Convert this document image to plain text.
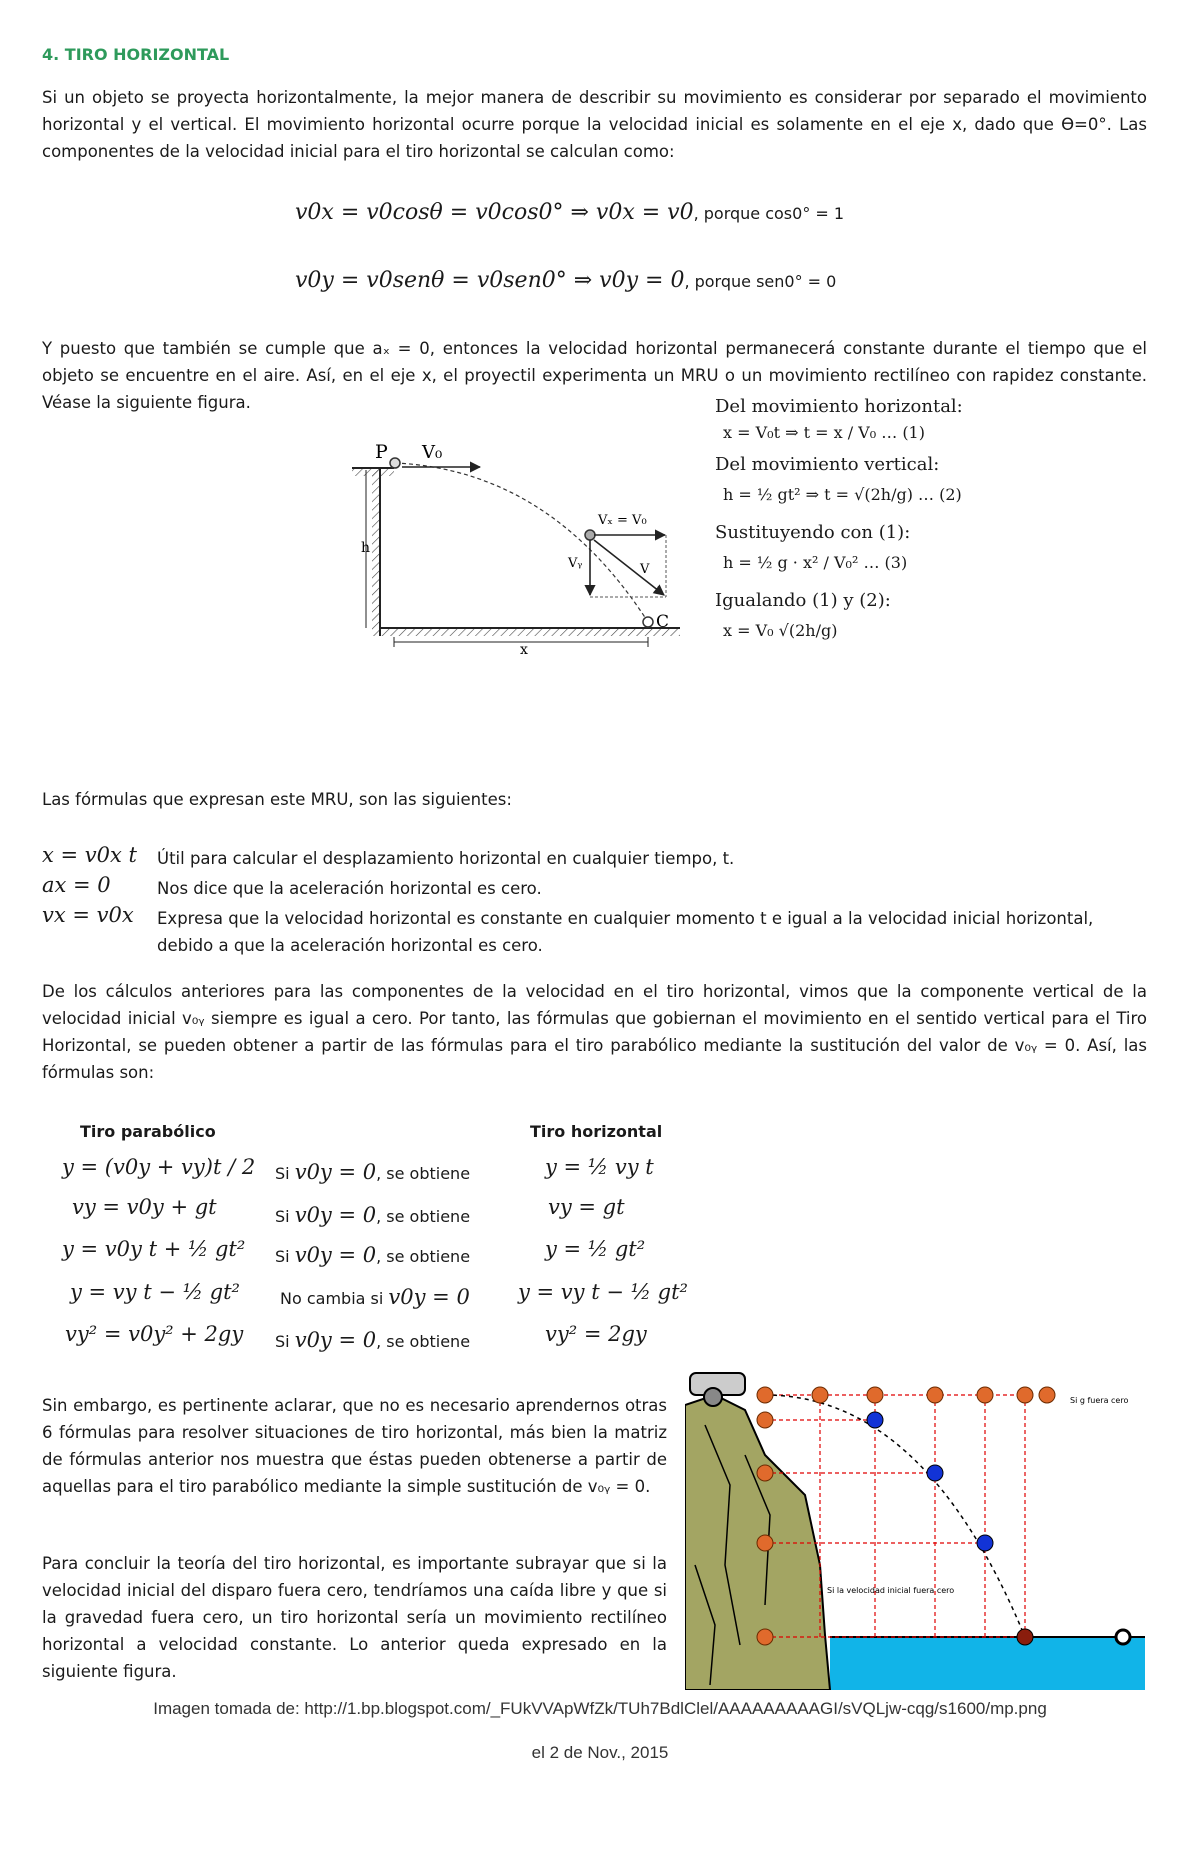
4. TIRO HORIZONTAL

Si un objeto se proyecta horizontalmente, la mejor manera de describir su movimiento es considerar por separado el movimiento horizontal y el vertical. El movimiento horizontal ocurre porque la velocidad inicial es solamente en el eje x, dado que ϴ=0°. Las componentes de la velocidad inicial para el tiro horizontal se calculan como:

v0x = v0cosθ = v0cos0° ⇒ v0x = v0, porque cos0° = 1
v0y = v0senθ = v0sen0° ⇒ v0y = 0, porque sen0° = 0

Y puesto que también se cumple que aₓ = 0, entonces la velocidad horizontal permanecerá constante durante el tiempo que el objeto se encuentre en el aire. Así, en el eje x, el proyectil experimenta un MRU o un movimiento rectilíneo con rapidez constante. Véase la siguiente figura.

h
x
P V₀
Vₓ = V₀
Vᵧ	V
C
Del movimiento horizontal:
x = V₀t ⇒ t = x / V₀ … (1)
Del movimiento vertical:
h = ½ gt² ⇒ t = √(2h/g) … (2)
Sustituyendo con (1):
h = ½ g · x² / V₀² … (3)
Igualando (1) y (2):
x = V₀ √(2h/g)
Las fórmulas que expresan este MRU, son las siguientes:
x = v0x t Útil para calcular el desplazamiento horizontal en cualquier tiempo, t.
ax = 0	Nos dice que la aceleración horizontal es cero.
vx = v0x Expresa que la velocidad horizontal es constante en cualquier momento t e igual a la velocidad inicial horizontal, debido a que la aceleración horizontal es cero.

De los cálculos anteriores para las componentes de la velocidad en el tiro horizontal, vimos que la componente vertical de la velocidad inicial v₀ᵧ siempre es igual a cero. Por tanto, las fórmulas que gobiernan el movimiento en el sentido vertical para el Tiro Horizontal, se pueden obtener a partir de las fórmulas para el tiro parabólico mediante la sustitución del valor de v₀ᵧ = 0. Así, las fórmulas son:

Tiro parabólico	Tiro horizontal
y = (v0y + vy)t / 2 Si v0y = 0, se obtiene	y = ½ vy t
vy = v0y + gt	Si v0y = 0, se obtiene	vy = gt
y = v0y t + ½ gt² Si v0y = 0, se obtiene	y = ½ gt²
y = vy t − ½ gt²	No cambia si v0y = 0 y = vy t − ½ gt²
vy² = v0y² + 2gy Si v0y = 0, se obtiene	vy² = 2gy

Sin embargo, es pertinente aclarar, que no es necesario aprendernos otras 6 fórmulas para resolver situaciones de tiro horizontal, más bien la matriz de fórmulas anterior nos muestra que éstas pueden obtenerse a partir de aquellas para el tiro parabólico mediante la simple sustitución de v₀ᵧ = 0.

Para concluir la teoría del tiro horizontal, es importante subrayar que si la velocidad inicial del disparo fuera cero, tendríamos una caída libre y que si la gravedad fuera cero, un tiro horizontal sería un movimiento rectilíneo horizontal a velocidad constante. Lo anterior queda expresado en la siguiente figura.

Si g fuera cero
Si la velocidad inicial fuera cero
Imagen tomada de: http://1.bp.blogspot.com/_FUkVVApWfZk/TUh7BdlClel/AAAAAAAAAGI/sVQLjw-cqg/s1600/mp.png
el 2 de Nov., 2015
